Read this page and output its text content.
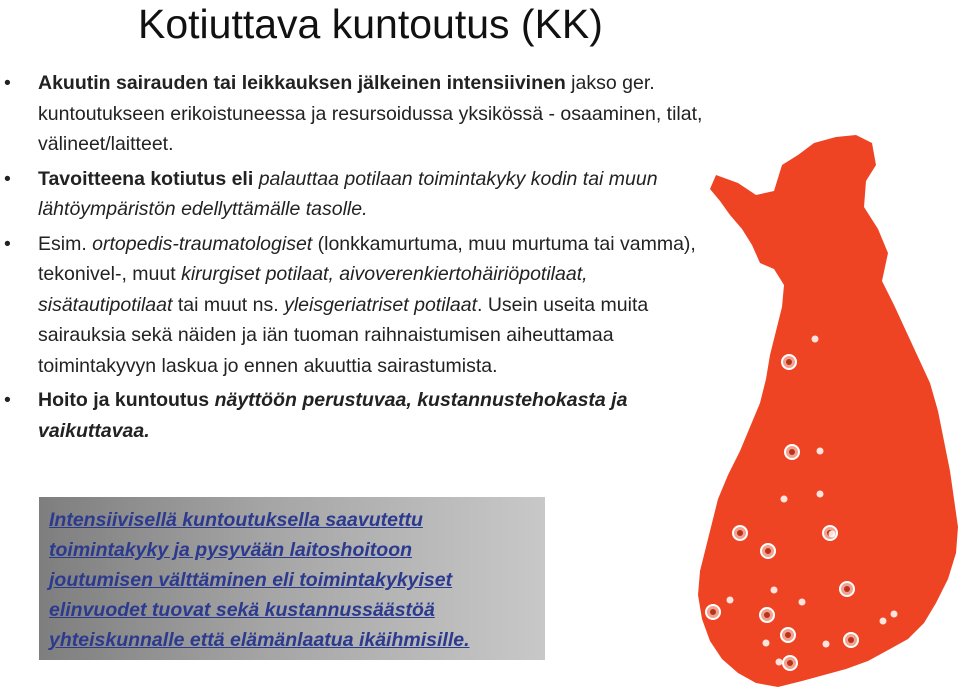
Kotiuttava kuntoutus (KK)
• Akuutin sairauden tai leikkauksen jälkeinen intensiivinen jakso ger. kuntoutukseen erikoistuneessa ja resursoidussa yksikössä - osaaminen, tilat, välineet/laitteet.
• Tavoitteena kotiutus eli palauttaa potilaan toimintakyky kodin tai muun lähtöympäristön edellyttämälle tasolle.
• Esim. ortopedis-traumatologiset (lonkkamurtuma, muu murtuma tai vamma), tekonivel-, muut kirurgiset potilaat, aivoverenkiertohäiriöpotilaat, sisätautipotilaat tai muut ns. yleisgeriatriset potilaat. Usein useita muita sairauksia sekä näiden ja iän tuoman raihnaistumisen aiheuttamaa toimintakyvyn laskua jo ennen akuuttia sairastumista.
• Hoito ja kuntoutus näyttöön perustuvaa, kustannustehokasta ja vaikuttavaa.

Intensiivisellä kuntoutuksella saavutettu

toimintakyky ja pysyvään laitoshoitoon

joutumisen välttäminen eli toimintakykyiset

elinvuodet tuovat sekä kustannussäästöä

yhteiskunnalle että elämänlaatua ikäihmisille.
